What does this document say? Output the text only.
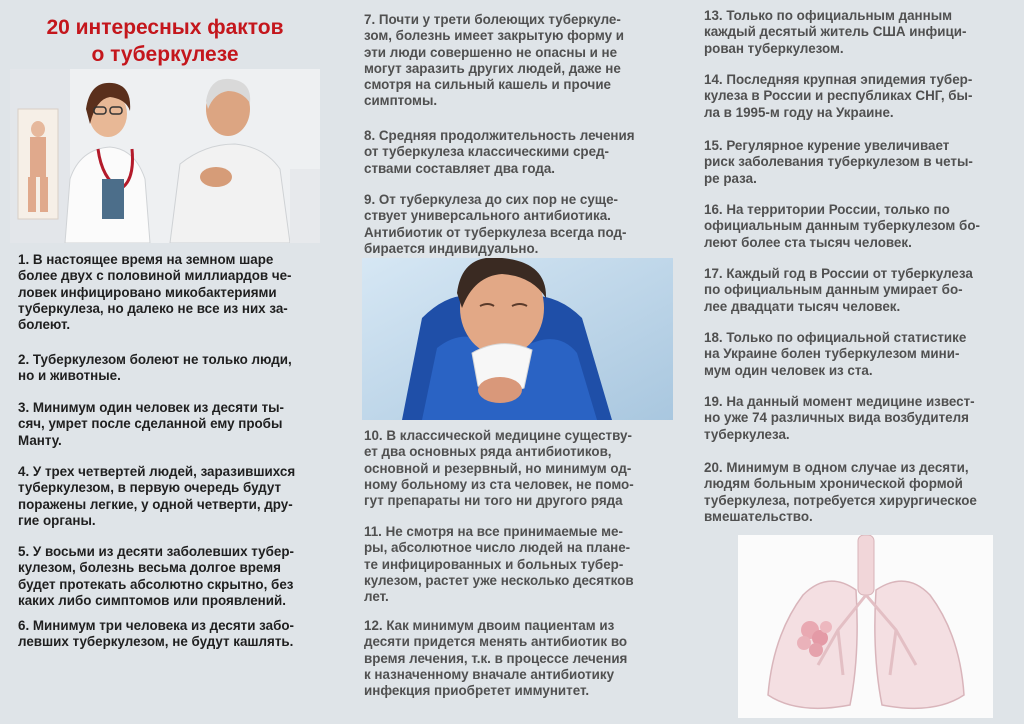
20 интересных фактов
о туберкулезе
1. В настоящее время на земном шаре
более двух с половиной миллиардов че-
ловек инфицировано микобактериями
туберкулеза, но далеко не все из них за-
болеют.
2. Туберкулезом болеют не только люди,
но и животные.
3. Минимум один человек из десяти ты-
сяч, умрет после сделанной ему пробы
Манту.
4. У трех четвертей людей, заразившихся
туберкулезом, в первую очередь будут
поражены легкие, у одной четверти, дру-
гие органы.
5. У восьми из десяти заболевших тубер-
кулезом, болезнь весьма долгое время
будет протекать абсолютно скрытно, без
каких либо симптомов или проявлений.
6. Минимум три человека из десяти забо-
левших туберкулезом, не будут кашлять.
7. Почти у трети болеющих туберкуле-
зом, болезнь имеет закрытую форму и
эти люди совершенно не опасны и не
могут заразить других людей, даже не
смотря на сильный кашель и прочие
симптомы.
8. Средняя продолжительность лечения
от туберкулеза классическими сред-
ствами составляет два года.
9. От туберкулеза до сих пор не суще-
ствует универсального антибиотика.
Антибиотик от туберкулеза всегда под-
бирается индивидуально.
10. В классической медицине существу-
ет два основных ряда антибиотиков,
основной и резервный, но минимум од-
ному больному из ста человек, не помо-
гут препараты ни того ни другого ряда
11. Не смотря на все принимаемые ме-
ры, абсолютное число людей на плане-
те инфицированных и больных тубер-
кулезом, растет уже несколько десятков
лет.
12. Как минимум двоим пациентам из
десяти придется менять антибиотик во
время лечения, т.к. в процессе лечения
к назначенному вначале антибиотику
инфекция приобретет иммунитет.
13. Только по официальным данным
каждый десятый житель США инфици-
рован туберкулезом.
14. Последняя крупная эпидемия тубер-
кулеза в России и республиках СНГ, бы-
ла в 1995-м году на Украине.
15. Регулярное курение увеличивает
риск заболевания туберкулезом в четы-
ре раза.
16. На территории России, только по
официальным данным туберкулезом бо-
леют более ста тысяч человек.
17. Каждый год в России от туберкулеза
по официальным данным умирает бо-
лее двадцати тысяч человек.
18. Только по официальной статистике
на Украине болен туберкулезом мини-
мум один человек из ста.
19. На данный момент медицине извест-
но уже 74 различных вида возбудителя
туберкулеза.
20. Минимум в одном случае из десяти,
людям больным хронической формой
туберкулеза, потребуется хирургическое
вмешательство.
